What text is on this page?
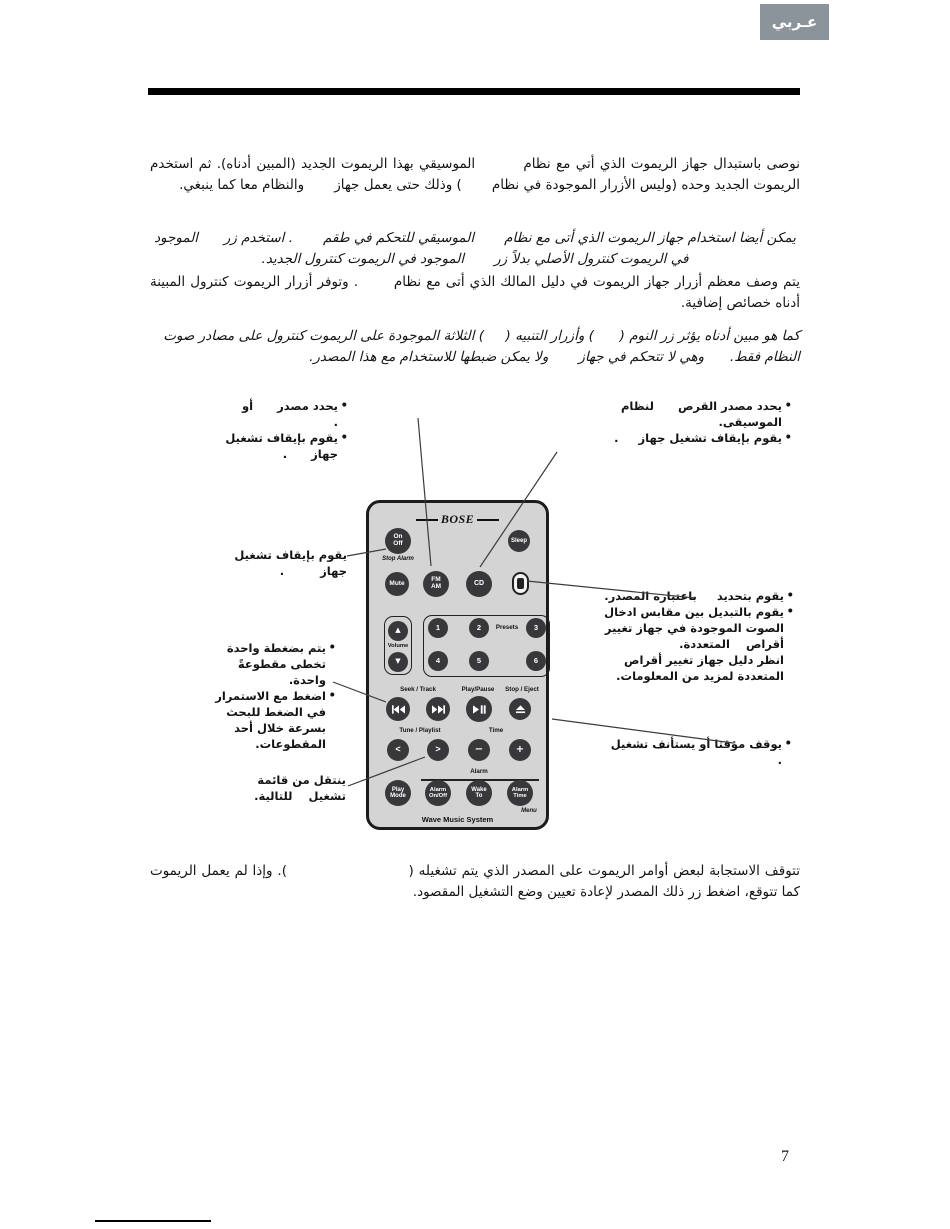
عـربي

نوصى باستبدال جهاز الريموت الذي أتي مع نظام         الموسيقي بهذا الريموت الجديد (المبين أدناه). ثم استخدم الريموت الجديد وحده (وليس الأزرار الموجودة في نظام       ) وذلك حتى يعمل جهاز       والنظام معا كما ينبغي.

يمكن أيضا استخدام جهاز الريموت الذي أتى مع نظام       الموسيقي للتحكم في طقم       . استخدم زر      الموجود في الريموت كنترول الأصلي بدلاً زر       الموجود في الريموت كنترول الجديد.

يتم وصف معظم أزرار جهاز الريموت في دليل المالك الذي أتى مع نظام       . وتوفر أزرار الريموت كنترول المبينة أدناه خصائص إضافية.

كما هو مبين أدناه يؤثر زر النوم (      ) وأزرار التنبيه (     ) الثلاثة الموجودة على الريموت كنترول على مصادر صوت النظام فقط.      وهي لا تتحكم في جهاز       ولا يمكن ضبطها للاستخدام مع هذا المصدر.

• يحدد مصدر      أو     .
• يقوم بإيقاف تشغيل جهاز      .
• يحدد مصدر القرص      لنظام الموسيقى.
• يقوم بإيقاف تشغيل جهاز     .
يقوم بإيقاف تشغيل جهاز         .
• يتم بضغطة واحدة تخطى مقطوعةً واحدة.
• اضغط مع الاستمرار في الضغط للبحث بسرعة خلال أحد المقطوعات.
ينتقل من قائمة تشغيل    للتالية.
• يقوم بتحديد     باعتباره المصدر.
• يقوم بالتبديل بين مقابس ادخال الصوت الموجودة في جهاز تغيير أقراص    المتعددة.
انظر دليل جهاز تغيير أقراص    المتعددة لمزيد من المعلومات.
• يوقف مؤقتا أو يستأنف تشغيل    .
BOSE
On
Off
Stop Alarm
Sleep
Mute	FM
AM	CD
▲
Volume
▼
1	2	Presets	3
4	5	6
Seek / Track	Play/Pause	Stop / Eject
Tune / Playlist	Time
<	>	−	+
Alarm
Play
Mode
Alarm
On/Off
Wake
To
Alarm
Time
Menu
Wave Music System

تتوقف الاستجابة لبعض أوامر الريموت على المصدر الذي يتم تشغيله (                         ). وإذا لم يعمل الريموت كما تتوقع، اضغط زر ذلك المصدر لإعادة تعيين وضع التشغيل المقصود.

7
